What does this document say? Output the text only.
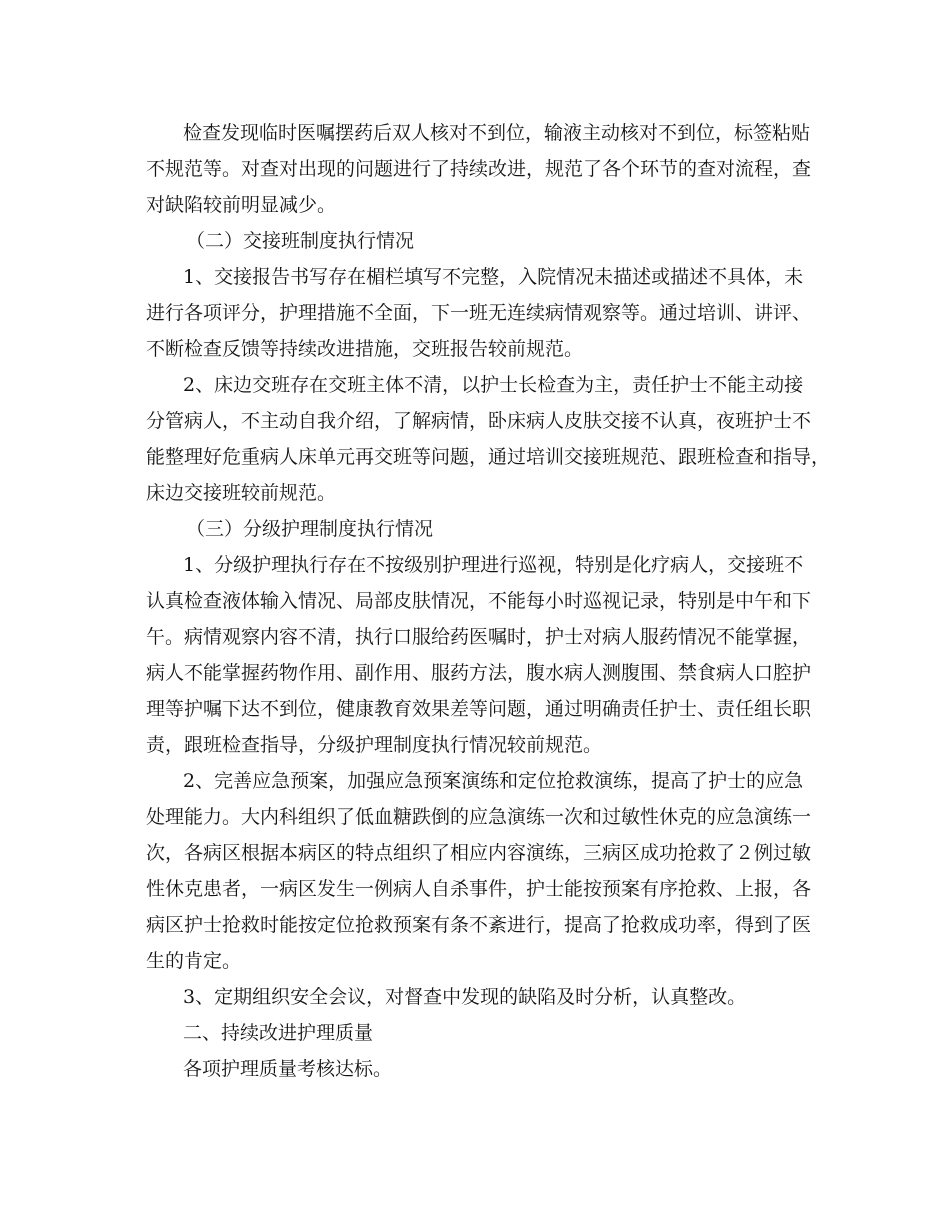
检查发现临时医嘱摆药后双人核对不到位，输液主动核对不到位，标签粘贴

不规范等。对查对出现的问题进行了持续改进，规范了各个环节的查对流程，查

对缺陷较前明显减少。

（二）交接班制度执行情况

1、交接报告书写存在楣栏填写不完整，入院情况未描述或描述不具体，未

进行各项评分，护理措施不全面，下一班无连续病情观察等。通过培训、讲评、

不断检查反馈等持续改进措施，交班报告较前规范。

2、床边交班存在交班主体不清，以护士长检查为主，责任护士不能主动接

分管病人，不主动自我介绍，了解病情，卧床病人皮肤交接不认真，夜班护士不

能整理好危重病人床单元再交班等问题，通过培训交接班规范、跟班检查和指导，

床边交接班较前规范。

（三）分级护理制度执行情况

1、分级护理执行存在不按级别护理进行巡视，特别是化疗病人，交接班不

认真检查液体输入情况、局部皮肤情况，不能每小时巡视记录，特别是中午和下

午。病情观察内容不清，执行口服给药医嘱时，护士对病人服药情况不能掌握，

病人不能掌握药物作用、副作用、服药方法，腹水病人测腹围、禁食病人口腔护

理等护嘱下达不到位，健康教育效果差等问题，通过明确责任护士、责任组长职

责，跟班检查指导，分级护理制度执行情况较前规范。

2、完善应急预案，加强应急预案演练和定位抢救演练，提高了护士的应急

处理能力。大内科组织了低血糖跌倒的应急演练一次和过敏性休克的应急演练一

次，各病区根据本病区的特点组织了相应内容演练，三病区成功抢救了２例过敏

性休克患者，一病区发生一例病人自杀事件，护士能按预案有序抢救、上报，各

病区护士抢救时能按定位抢救预案有条不紊进行，提高了抢救成功率，得到了医

生的肯定。

3、定期组织安全会议，对督查中发现的缺陷及时分析，认真整改。

二、持续改进护理质量

各项护理质量考核达标。
